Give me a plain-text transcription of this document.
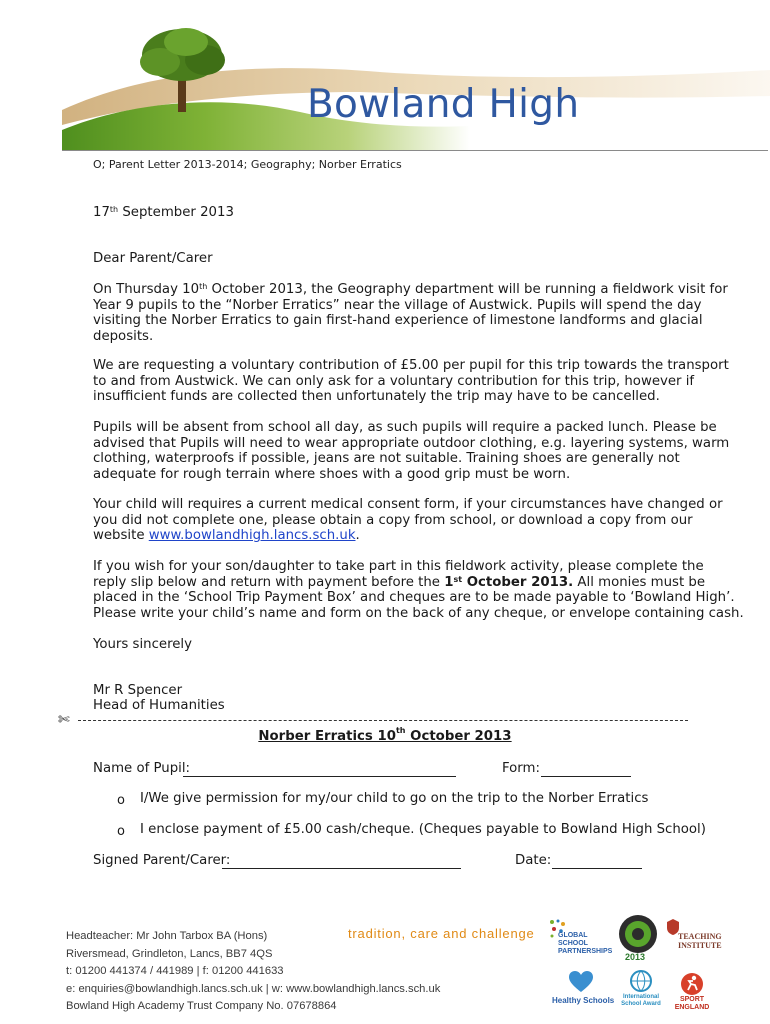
Bowland High
O; Parent Letter 2013-2014; Geography; Norber Erratics
17th September 2013
Dear Parent/Carer
On Thursday 10th October 2013, the Geography department will be running a fieldwork visit for
Year 9 pupils to the “Norber Erratics” near the village of Austwick. Pupils will spend the day
visiting the Norber Erratics to gain first-hand experience of limestone landforms and glacial
deposits.
We are requesting a voluntary contribution of £5.00 per pupil for this trip towards the transport
to and from Austwick. We can only ask for a voluntary contribution for this trip, however if
insufficient funds are collected then unfortunately the trip may have to be cancelled.
Pupils will be absent from school all day, as such pupils will require a packed lunch. Please be
advised that Pupils will need to wear appropriate outdoor clothing, e.g. layering systems, warm
clothing, waterproofs if possible, jeans are not suitable. Training shoes are generally not
adequate for rough terrain where shoes with a good grip must be worn.
Your child will requires a current medical consent form, if your circumstances have changed or
you did not complete one, please obtain a copy from school, or download a copy from our
website www.bowlandhigh.lancs.sch.uk.
If you wish for your son/daughter to take part in this fieldwork activity, please complete the
reply slip below and return with payment before the 1st October 2013. All monies must be
placed in the ‘School Trip Payment Box’ and cheques are to be made payable to ‘Bowland High’.
Please write your child’s name and form on the back of any cheque, or envelope containing cash.
Yours sincerely
Mr R Spencer
Head of Humanities
✄
Norber Erratics 10th October 2013
Name of Pupil:	Form:
o I/We give permission for my/our child to go on the trip to the Norber Erratics
o I enclose payment of £5.00 cash/cheque. (Cheques payable to Bowland High School)
Signed Parent/Carer:	Date:
Headteacher: Mr John Tarbox BA (Hons)
Riversmead, Grindleton, Lancs, BB7 4QS
t: 01200 441374 / 441989 | f: 01200 441633
e: enquiries@bowlandhigh.lancs.sch.uk | w: www.bowlandhigh.lancs.sch.uk
Bowland High Academy Trust Company No. 07678864
tradition, care and challenge	GLOBAL SCHOOL PARTNERSHIPS
2013
TEACHING INSTITUTE
Healthy Schools	International School Award
SPORT ENGLAND
